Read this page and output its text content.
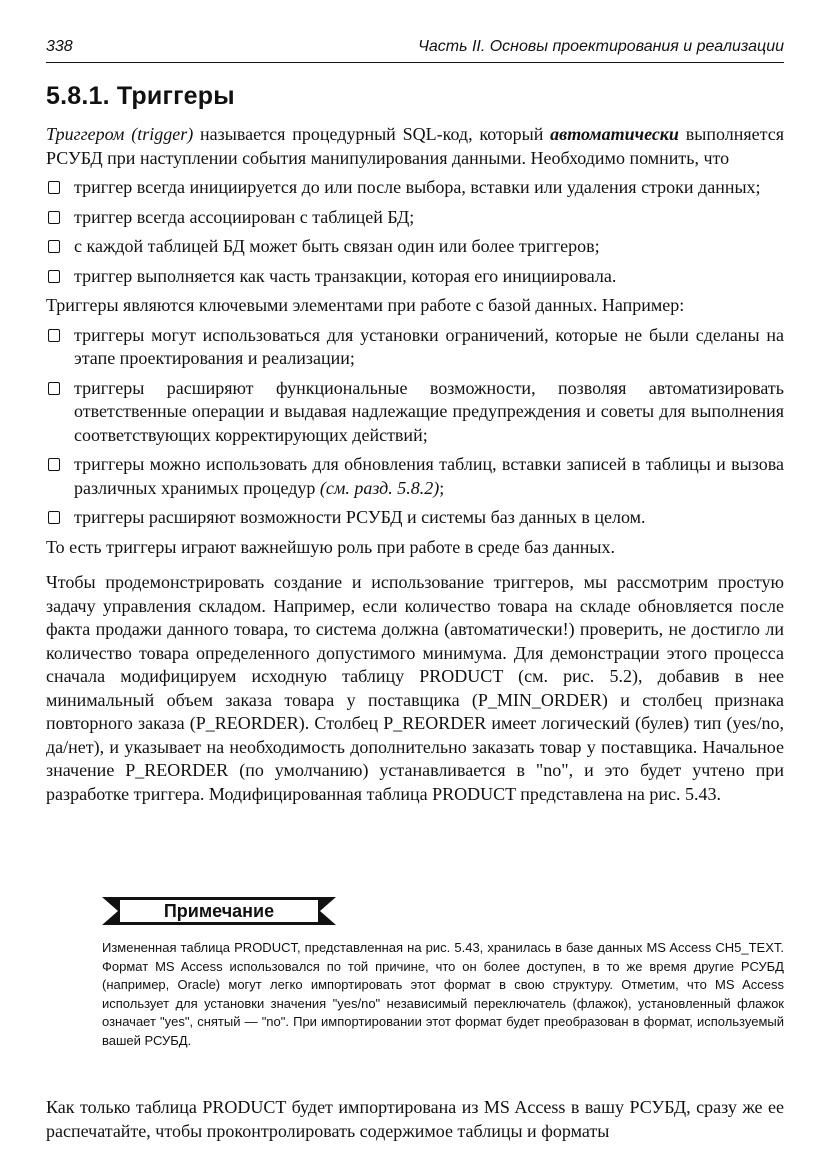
338	Часть II. Основы проектирования и реализации
5.8.1. Триггеры

Триггером (trigger) называется процедурный SQL-код, который автоматически выполняется РСУБД при наступлении события манипулирования данными. Необходимо помнить, что

триггер всегда инициируется до или после выбора, вставки или удаления строки данных;
триггер всегда ассоциирован с таблицей БД;
с каждой таблицей БД может быть связан один или более триггеров;
триггер выполняется как часть транзакции, которая его инициировала.

Триггеры являются ключевыми элементами при работе с базой данных. Например:

триггеры могут использоваться для установки ограничений, которые не были сделаны на этапе проектирования и реализации;
триггеры расширяют функциональные возможности, позволяя автоматизировать ответственные операции и выдавая надлежащие предупреждения и советы для выполнения соответствующих корректирующих действий;
триггеры можно использовать для обновления таблиц, вставки записей в таблицы и вызова различных хранимых процедур (см. разд. 5.8.2);
триггеры расширяют возможности РСУБД и системы баз данных в целом.

То есть триггеры играют важнейшую роль при работе в среде баз данных.

Чтобы продемонстрировать создание и использование триггеров, мы рассмотрим простую задачу управления складом. Например, если количество товара на складе обновляется после факта продажи данного товара, то система должна (автоматически!) проверить, не достигло ли количество товара определенного допустимого минимума. Для демонстрации этого процесса сначала модифицируем исходную таблицу PRODUCT (см. рис. 5.2), добавив в нее минимальный объем заказа товара у поставщика (P_MIN_ORDER) и столбец признака повторного заказа (P_REORDER). Столбец P_REORDER имеет логический (булев) тип (yes/no, да/нет), и указывает на необходимость дополнительно заказать товар у поставщика. Начальное значение P_REORDER (по умолчанию) устанавливается в "no", и это будет учтено при разработке триггера. Модифицированная таблица PRODUCT представлена на рис. 5.43.

Примечание
Измененная таблица PRODUCT, представленная на рис. 5.43, хранилась в базе данных MS Access CH5_TEXT. Формат MS Access использовался по той причине, что он более доступен, в то же время другие РСУБД (например, Oracle) могут легко импортировать этот формат в свою структуру. Отметим, что MS Access использует для установки значения "yes/no" независимый переключатель (флажок), установленный флажок означает "yes", снятый — "no". При импортировании этот формат будет преобразован в формат, используемый вашей РСУБД.
Как только таблица PRODUCT будет импортирована из MS Access в вашу РСУБД, сразу же ее распечатайте, чтобы проконтролировать содержимое таблицы и форматы
